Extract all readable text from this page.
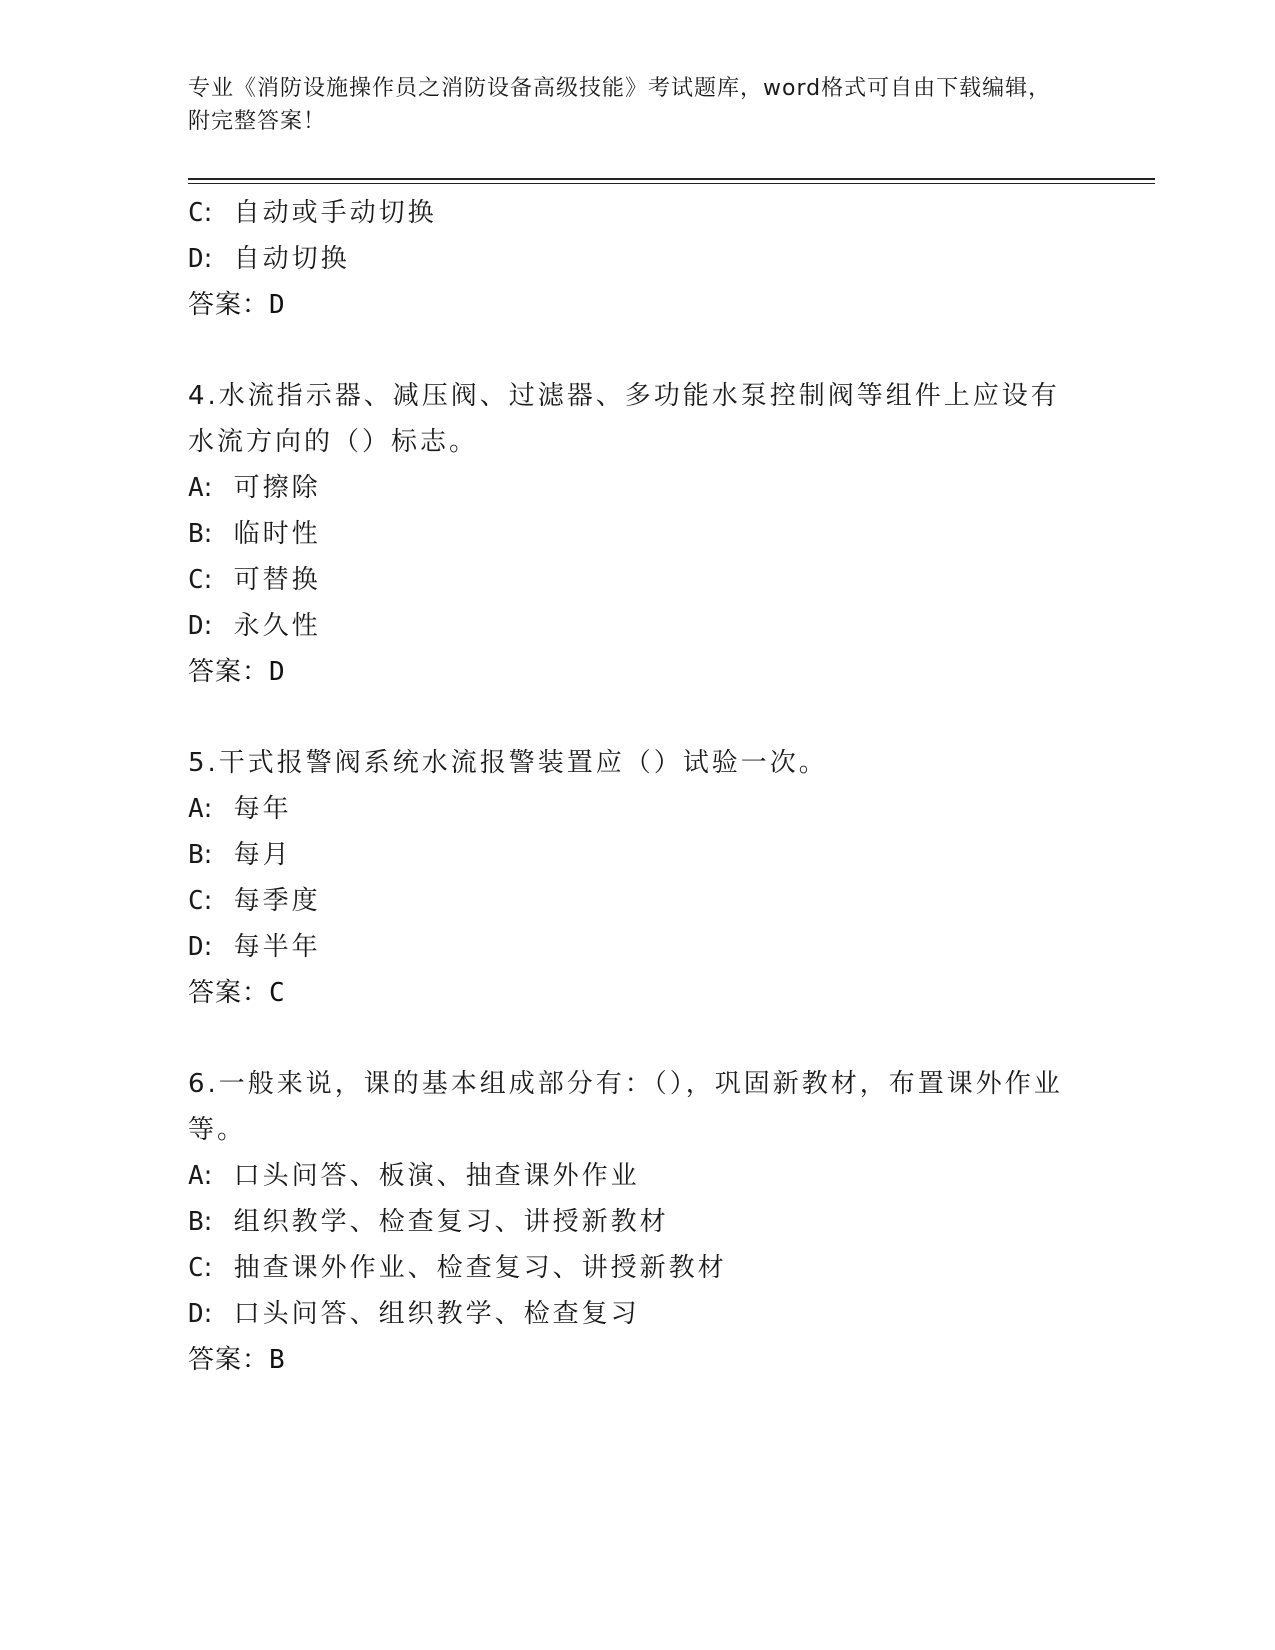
专业《消防设施操作员之消防设备高级技能》考试题库，word格式可自由下载编辑，附完整答案！
C: 自动或手动切换
D: 自动切换
答案：D
4.水流指示器、减压阀、过滤器、多功能水泵控制阀等组件上应设有水流方向的（）标志。
A: 可擦除
B: 临时性
C: 可替换
D: 永久性
答案：D
5.干式报警阀系统水流报警装置应（）试验一次。
A: 每年
B: 每月
C: 每季度
D: 每半年
答案：C
6.一般来说，课的基本组成部分有：（），巩固新教材，布置课外作业等。
A: 口头问答、板演、抽查课外作业
B: 组织教学、检查复习、讲授新教材
C: 抽查课外作业、检查复习、讲授新教材
D: 口头问答、组织教学、检查复习
答案：B
